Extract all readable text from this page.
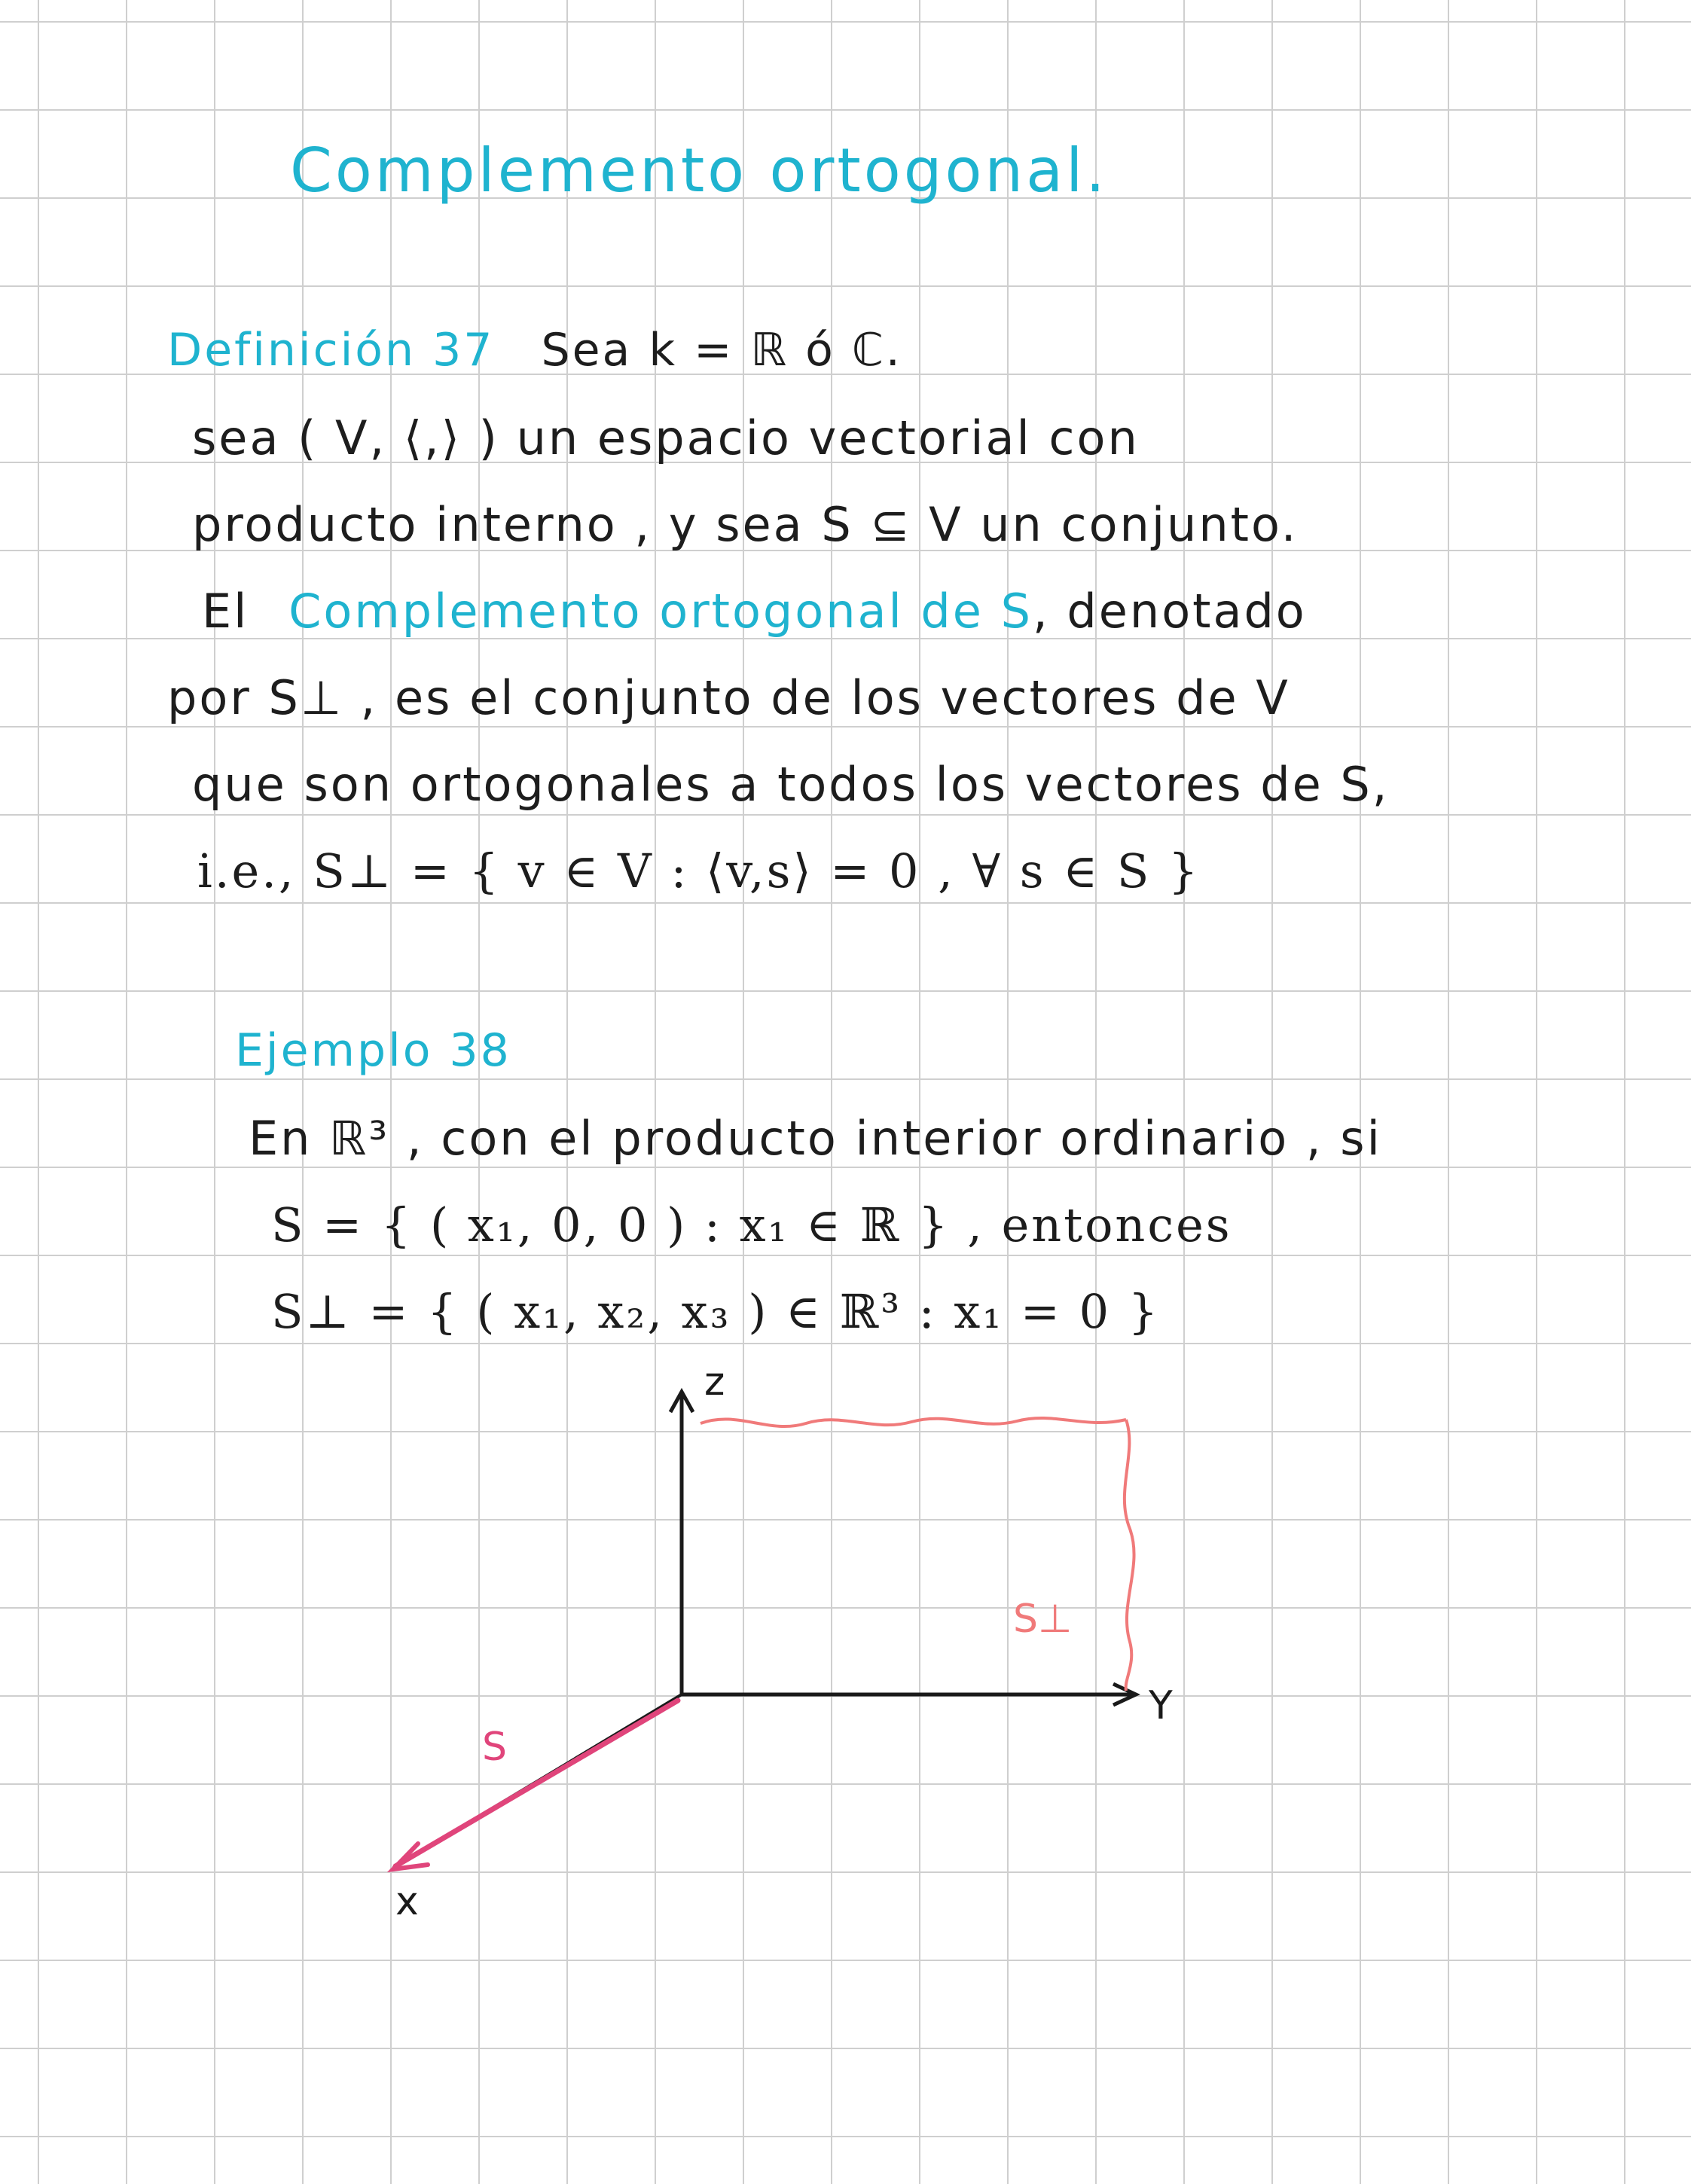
Complemento ortogonal.
Definición 37 Sea k = ℝ ó ℂ.
sea ( V, ⟨,⟩ ) un espacio vectorial con
producto interno , y sea S ⊆ V un conjunto.
El Complemento ortogonal de S, denotado
por S⊥ , es el conjunto de los vectores de V
que son ortogonales a todos los vectores de S,
i.e., S⊥ = { v ∈ V : ⟨v,s⟩ = 0 , ∀ s ∈ S }
Ejemplo 38
En ℝ³ , con el producto interior ordinario , si
S = { ( x₁, 0, 0 ) : x₁ ∈ ℝ } , entonces
S⊥ = { ( x₁, x₂, x₃ ) ∈ ℝ³ : x₁ = 0 }
z
Y
x
S
S⊥
